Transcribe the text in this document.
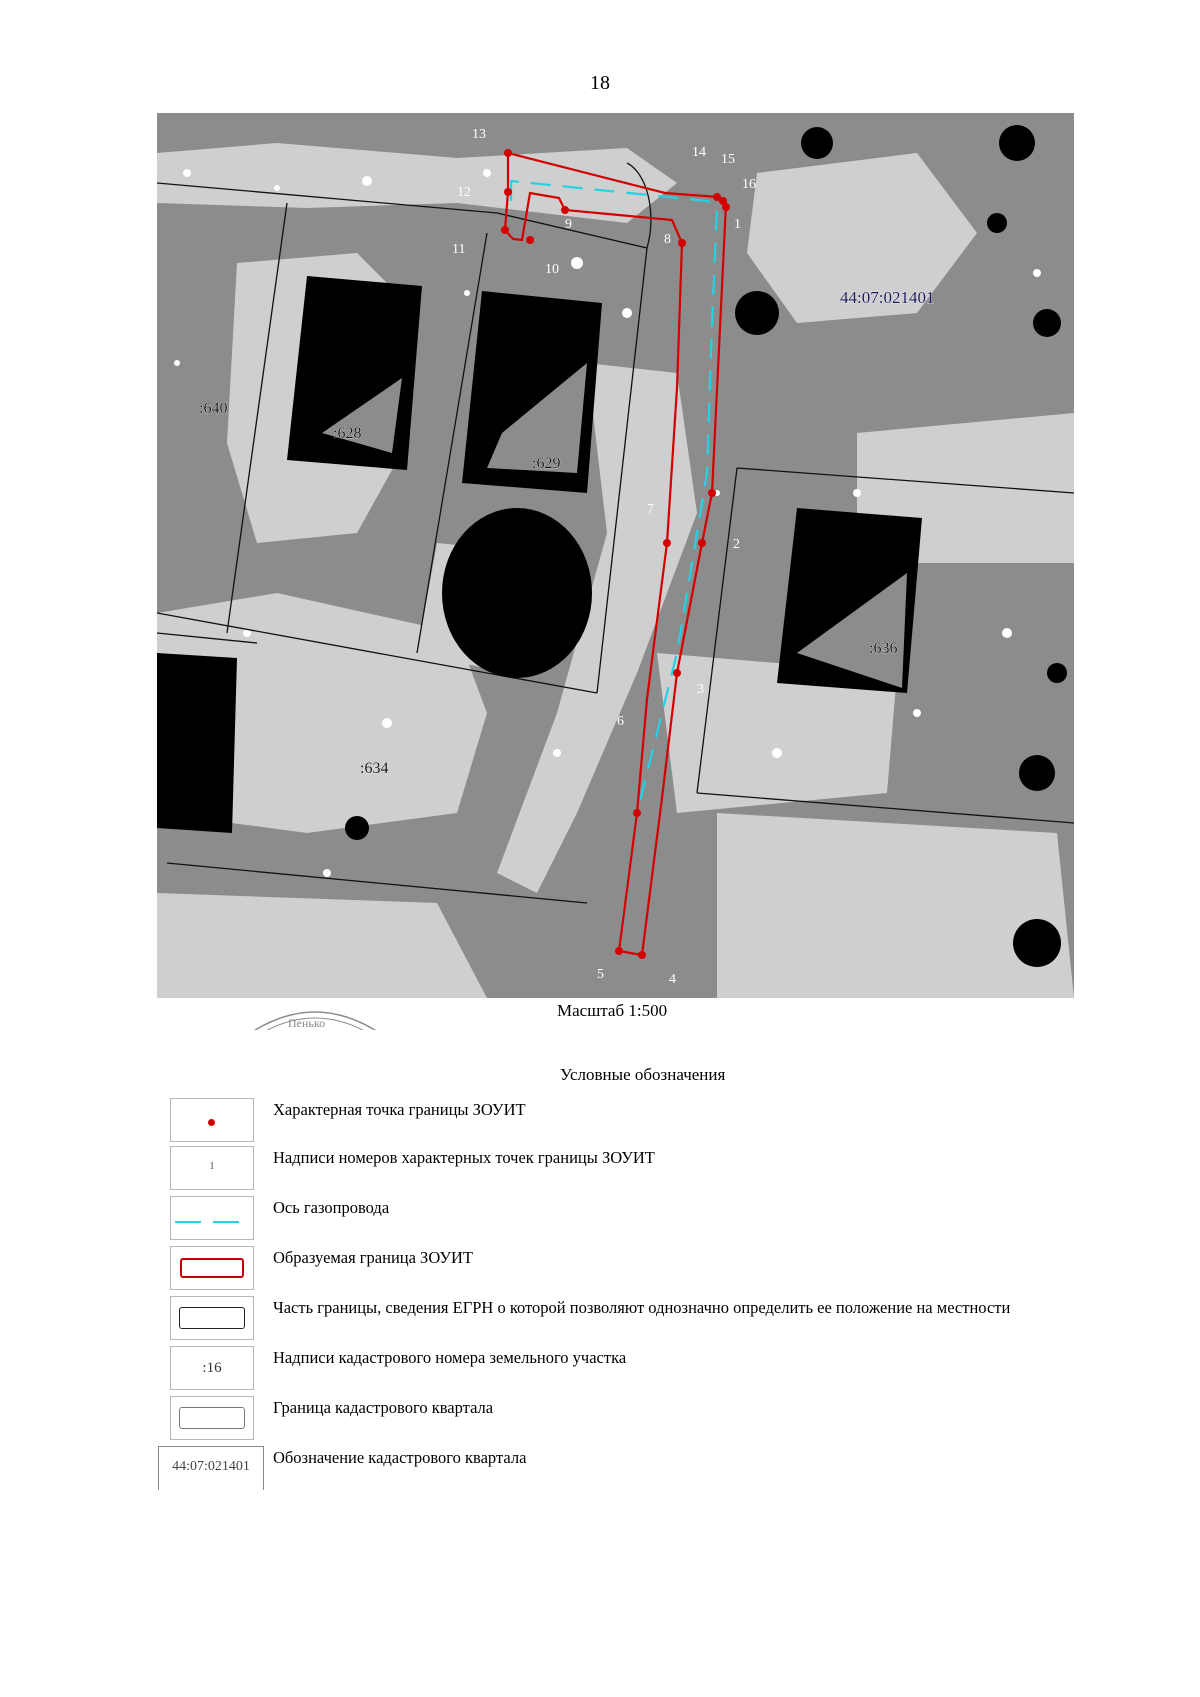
18
:640
:628
:629
:636
:634
44:07:021401
1
2
3
4
5
6
7
8
9
10
11
12
13
14 15
16
Пенько
Масштаб 1:500
Условные обозначения
Характерная точка границы ЗОУИТ
1	Надписи номеров характерных точек границы ЗОУИТ
Ось газопровода
Образуемая граница ЗОУИТ
Часть границы, сведения ЕГРН о которой позволяют однозначно определить ее положение на местности
:16
Надписи кадастрового номера земельного участка
Граница кадастрового квартала
44:07:021401	Обозначение кадастрового квартала
